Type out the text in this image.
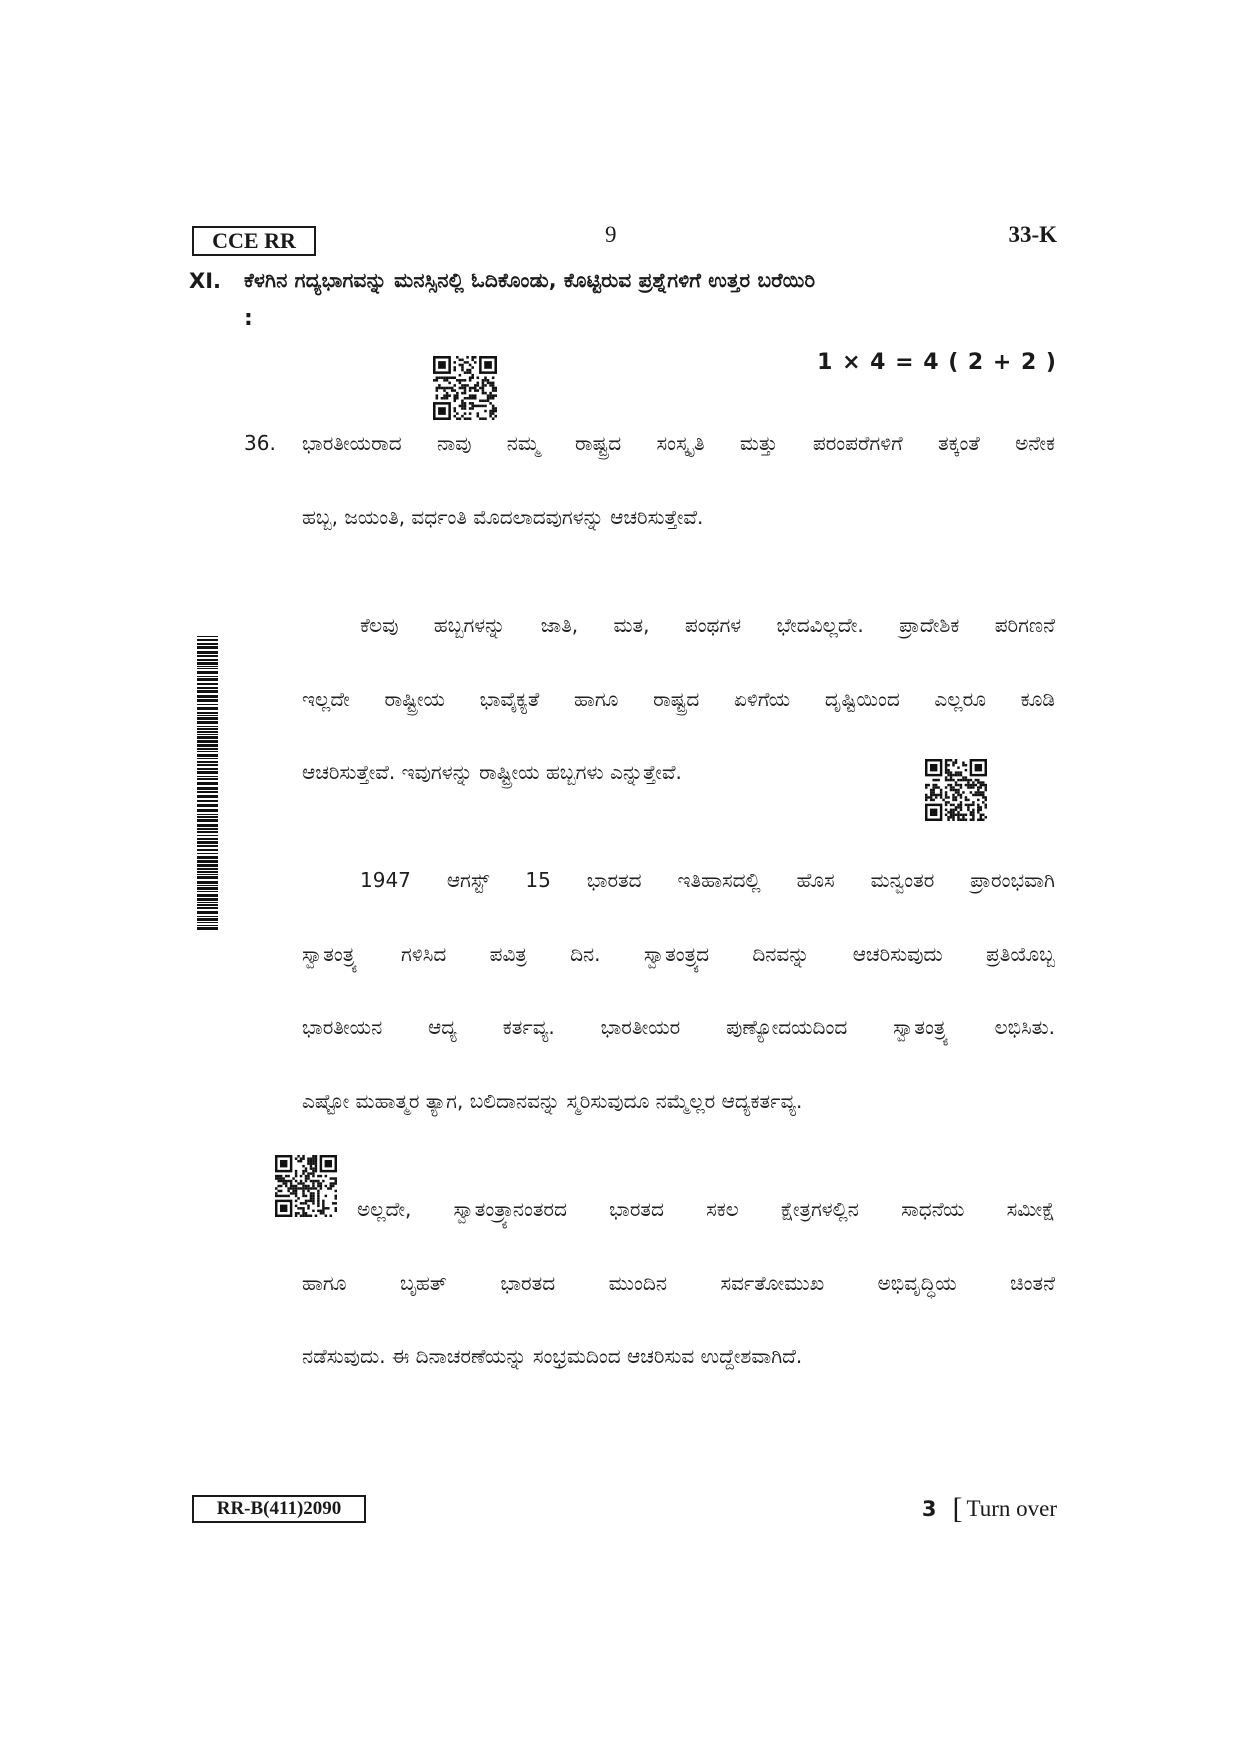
CCE RR	9	33-K
XI. ಕೆಳಗಿನ ಗದ್ಯಭಾಗವನ್ನು ಮನಸ್ಸಿನಲ್ಲಿ ಓದಿಕೊಂಡು, ಕೊಟ್ಟಿರುವ ಪ್ರಶ್ನೆಗಳಿಗೆ ಉತ್ತರ ಬರೆಯಿರಿ
:
1 × 4 = 4 ( 2 + 2 )
36. ಭಾರತೀಯರಾದ ನಾವು ನಮ್ಮ ರಾಷ್ಟ್ರದ ಸಂಸ್ಕೃತಿ ಮತ್ತು ಪರಂಪರೆಗಳಿಗೆ ತಕ್ಕಂತೆ ಅನೇಕ
ಹಬ್ಬ, ಜಯಂತಿ, ವರ್ಧಂತಿ ಮೊದಲಾದವುಗಳನ್ನು ಆಚರಿಸುತ್ತೇವೆ.
ಕೆಲವು ಹಬ್ಬಗಳನ್ನು ಜಾತಿ, ಮತ, ಪಂಥಗಳ ಭೇದವಿಲ್ಲದೇ. ಪ್ರಾದೇಶಿಕ ಪರಿಗಣನೆ
ಇಲ್ಲದೇ ರಾಷ್ಟ್ರೀಯ ಭಾವೈಕ್ಯತೆ ಹಾಗೂ ರಾಷ್ಟ್ರದ ಏಳಿಗೆಯ ದೃಷ್ಟಿಯಿಂದ ಎಲ್ಲರೂ ಕೂಡಿ
ಆಚರಿಸುತ್ತೇವೆ. ಇವುಗಳನ್ನು ರಾಷ್ಟ್ರೀಯ ಹಬ್ಬಗಳು ಎನ್ನುತ್ತೇವೆ.
1947 ಆಗಸ್ಟ್ 15 ಭಾರತದ ಇತಿಹಾಸದಲ್ಲಿ ಹೊಸ ಮನ್ವಂತರ ಪ್ರಾರಂಭವಾಗಿ
ಸ್ವಾತಂತ್ರ್ಯ ಗಳಿಸಿದ ಪವಿತ್ರ ದಿನ. ಸ್ವಾತಂತ್ರ್ಯದ ದಿನವನ್ನು ಆಚರಿಸುವುದು ಪ್ರತಿಯೊಬ್ಬ
ಭಾರತೀಯನ ಆದ್ಯ ಕರ್ತವ್ಯ. ಭಾರತೀಯರ ಪುಣ್ಯೋದಯದಿಂದ ಸ್ವಾತಂತ್ರ್ಯ ಲಭಿಸಿತು.
ಎಷ್ಟೋ ಮಹಾತ್ಮರ ತ್ಯಾಗ, ಬಲಿದಾನವನ್ನು ಸ್ಮರಿಸುವುದೂ ನಮ್ಮೆಲ್ಲರ ಆದ್ಯಕರ್ತವ್ಯ.
ಅಲ್ಲದೇ, ಸ್ವಾತಂತ್ರ್ಯಾನಂತರದ ಭಾರತದ ಸಕಲ ಕ್ಷೇತ್ರಗಳಲ್ಲಿನ ಸಾಧನೆಯ ಸಮೀಕ್ಷೆ
ಹಾಗೂ ಬೃಹತ್ ಭಾರತದ ಮುಂದಿನ ಸರ್ವತೋಮುಖ ಅಭಿವೃದ್ಧಿಯ ಚಿಂತನೆ
ನಡೆಸುವುದು. ಈ ದಿನಾಚರಣೆಯನ್ನು ಸಂಭ್ರಮದಿಂದ ಆಚರಿಸುವ ಉದ್ದೇಶವಾಗಿದೆ.
RR-B(411)2090	3 [ Turn over
